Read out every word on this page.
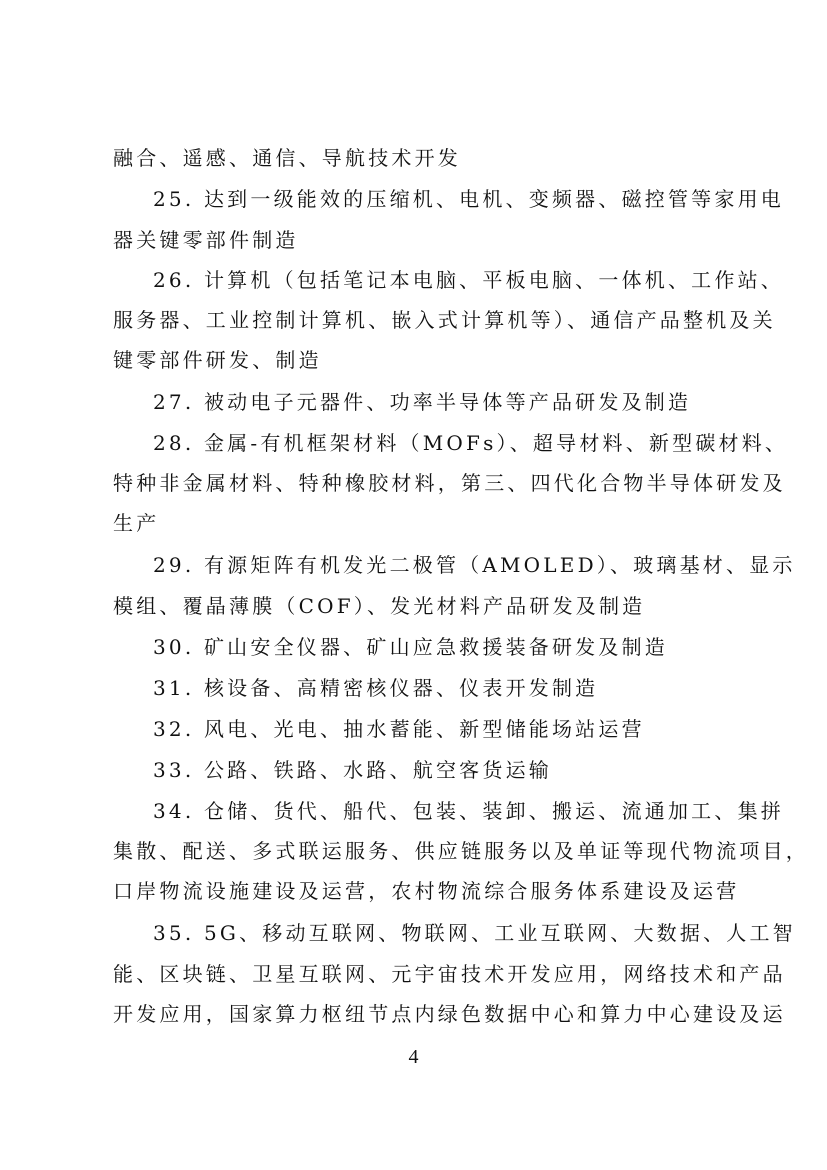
融合、遥感、通信、导航技术开发
25. 达到一级能效的压缩机、电机、变频器、磁控管等家用电
器关键零部件制造
26. 计算机（包括笔记本电脑、平板电脑、一体机、工作站、
服务器、工业控制计算机、嵌入式计算机等）、通信产品整机及关
键零部件研发、制造
27. 被动电子元器件、功率半导体等产品研发及制造
28. 金属-有机框架材料（MOFs）、超导材料、新型碳材料、
特种非金属材料、特种橡胶材料，第三、四代化合物半导体研发及
生产
29. 有源矩阵有机发光二极管（AMOLED）、玻璃基材、显示
模组、覆晶薄膜（COF）、发光材料产品研发及制造
30. 矿山安全仪器、矿山应急救援装备研发及制造
31. 核设备、高精密核仪器、仪表开发制造
32. 风电、光电、抽水蓄能、新型储能场站运营
33. 公路、铁路、水路、航空客货运输
34. 仓储、货代、船代、包装、装卸、搬运、流通加工、集拼
集散、配送、多式联运服务、供应链服务以及单证等现代物流项目，
口岸物流设施建设及运营，农村物流综合服务体系建设及运营
35. 5G、移动互联网、物联网、工业互联网、大数据、人工智
能、区块链、卫星互联网、元宇宙技术开发应用，网络技术和产品
开发应用，国家算力枢纽节点内绿色数据中心和算力中心建设及运
4
